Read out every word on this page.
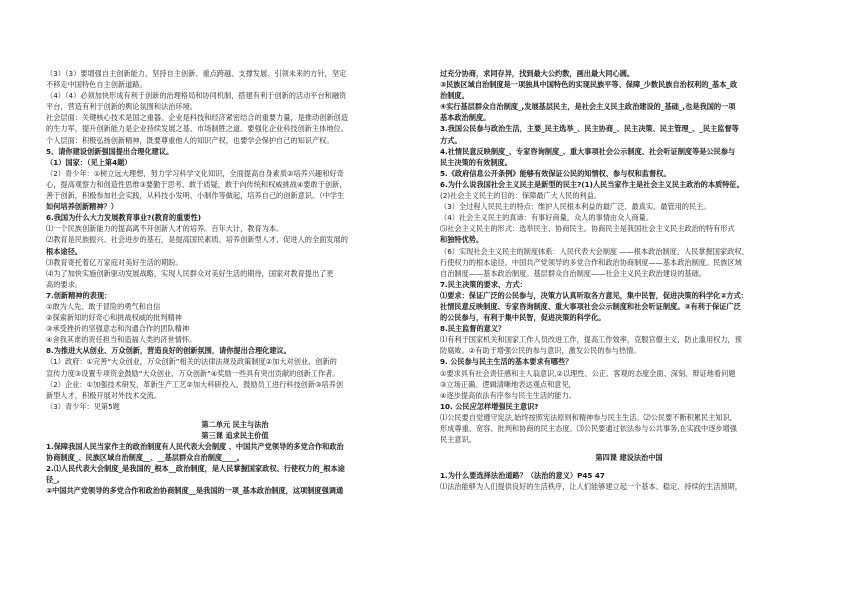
（3）（3）要增强自主创新能力，坚持自主创新、重点跨越、支撑发展、引领未来的方针，坚定
不移走中国特色自主创新道路。
（4）（4）必须加快形成有利于创新的治理格局和协同机制，搭建有利于创新的活动平台和融资
平台，营造有利于创新的舆论氛围和法治环境。
社会层面：关键核心技术是国之重器。企业是科技和经济紧密结合的重要力量，是推动创新创造
的生力军，提升创新能力是企业持续发展之基、市场制胜之道。要强化企业科技创新主体地位。
个人层面：积极弘扬创新精神，既要尊重他人的知识产权，也要学会保护自己的知识产权。
5、请你建设创新强国提出合理化建议。
（1）国家：（见上第4题）
（2）青少年：①树立远大理想，努力学习科学文化知识，全面提高自身素质②培养兴趣和好奇
心，提高观察力和创造性思维③要勤于思考、敢于质疑，敢于向传统和权威挑战④要敢于创新，
善于创新，积极参加社会实践，从科技小发明、小制作等做起，培养自己的创新意识。（中学生
如何培养创新精神？）
6.我国为什么大力发展教育事业?(教育的重要性)
⑴一个民族创新能力的提高离不开创新人才的培养。百年大计，教育为本。
⑵教育是民族振兴、社会进步的基石，是提高国民素质、培养创新型人才、促进人的全面发展的
根本途径。
⑶教育寄托着亿万家庭对美好生活的期盼。
⑷为了加快实施创新驱动发展战略，实现人民群众对美好生活的期待，国家对教育提出了更
高的要求。
7.创新精神的表现：
①敢为人先、敢于冒险的勇气和自信
②探索新知的好奇心和挑战权威的批判精神
③承受挫折的坚强意志和沟通合作的团队精神
④舍我其谁的责任担当和造福人类的济世情怀。
8.为推进大从创业、万众创新，营造良好的创新氛围，请你提出合理化建议。
（1）政府：①完善“大众创业，万众创新”相关的法律法规及政策制度②加大对创业、创新的
宣传力度③设置专项资金鼓励“大众创业、万众创新”④奖励一些具有突出贡献的创新工作者。
（2）企业：①加强技术研发，革新生产工艺②加大科研投入，鼓励员工进行科技创新③培养创
新型人才，积极开展对外技术交流。
（3）青少年：见第5题
第二单元 民主与法治
第三课 追求民主价值
1.保障我国人民当家作主的政治制度有人民代表大会制度 、中国共产党领导的多党合作和政治
协商制度_、民族区域自治制度__、__基层群众自治制度____。
2.⑴人民代表大会制度_是我国的_根本__政治制度，是人民掌握国家政权、行使权力的_根本途
径_。
②中国共产党领导的多党合作和政治协商制度__是我国的一项_基本政治制度，这项制度强调通
过充分协商，求同存异，找到最大公约数，画出最大同心圆。
③民族区域自治制度是一项独具中国特色的实现民族平等、保障_少数民族自治权利的_基本_政
治制度。
④实行基层群众自治制度_,发展基层民主，是社会主义民主政治建设的_基础_,也是我国的一项
基本政治制度。
3.我国公民参与政治生活，主要_民主选举_、民主协商_、民主决策、民主管理_、_民主监督等
方式。
4.社情民意反映制度_、专家咨询制度_、重大事项社会公示制度、社会听证制度等是公民参与
民主决策的有效制度。
5.《政府信息公开条例》能够有效保证公民的知情权、参与权和监督权。
6.为什么说我国社会主义民主是新型的民主?(1)人民当家作主是社会主义民主政治的本质特征。
(2)社会主义民主的目的：保障最广大人民的利益。
（3）全过程人民民主的特点：维护人民根本利益的最广泛、最真实、最管用的民主。
（4）社会主义民主的真谛：有事好商量，众人的事情由众人商量。
⑸社会主义民主的形式：选举民主、协商民主。协商民主是我国社会主义民主政治的特有形式
和独特优势。
（6）实现社会主义民主的制度体系：人民代表大会制度 ——根本政治制度，人民掌握国家政权、
行使权力的根本途径。中国共产党领导的多党合作和政治协商制度——基本政治制度。民族区域
自治制度——基本政治制度。基层群众自治制度——社会主义民主政治建设的基础。
7.民主决策的要求、方式：
⑴要求：保证广泛的公民参与，决策方认真听取各方意见，集中民智，促进决策的科学化②方式：
社情民意反映制度、专家咨询制度、重大事项社会公示制度和社会听证制度。③有利于保证广泛
的公民参与，有利于集中民智，促进决策的科学化。
8.民主监督的意义？
⑴有利于国家机关和国家工作人员改进工作，提高工作效率，克服官僚主义，防止滥用权力，预
防腐败。②有助于增强公民的参与意识，激发公民的参与热情。
9. 公民参与民主生活的基本要求有哪些？
①要求具有社会责任感和主人翁意识,②以理性、公正、客观的态度全面、深刻、辩证地看问题
③立场正确、逻辑清晰地表达观点和意见,
④逐步提高依法有序参与民主生活的能力。
10. 公民应怎样增强民主意识?
⑴公民要自觉遵守宪法,始终按照宪法原则和精神参与民主生活。⑵公民要不断积累民主知识,
形成尊重、宽容、批判和协商的民主态度。⑶公民要通过依法参与公共事务,在实践中逐步增强
民主意识。
第四课 建设法治中国
1.为什么要选择法治道路？（法治的意义）P45 47
⑴法治能够为人们提供良好的生活秩序，让人们能够建立起一个基本、稳定、持续的生活预期，
